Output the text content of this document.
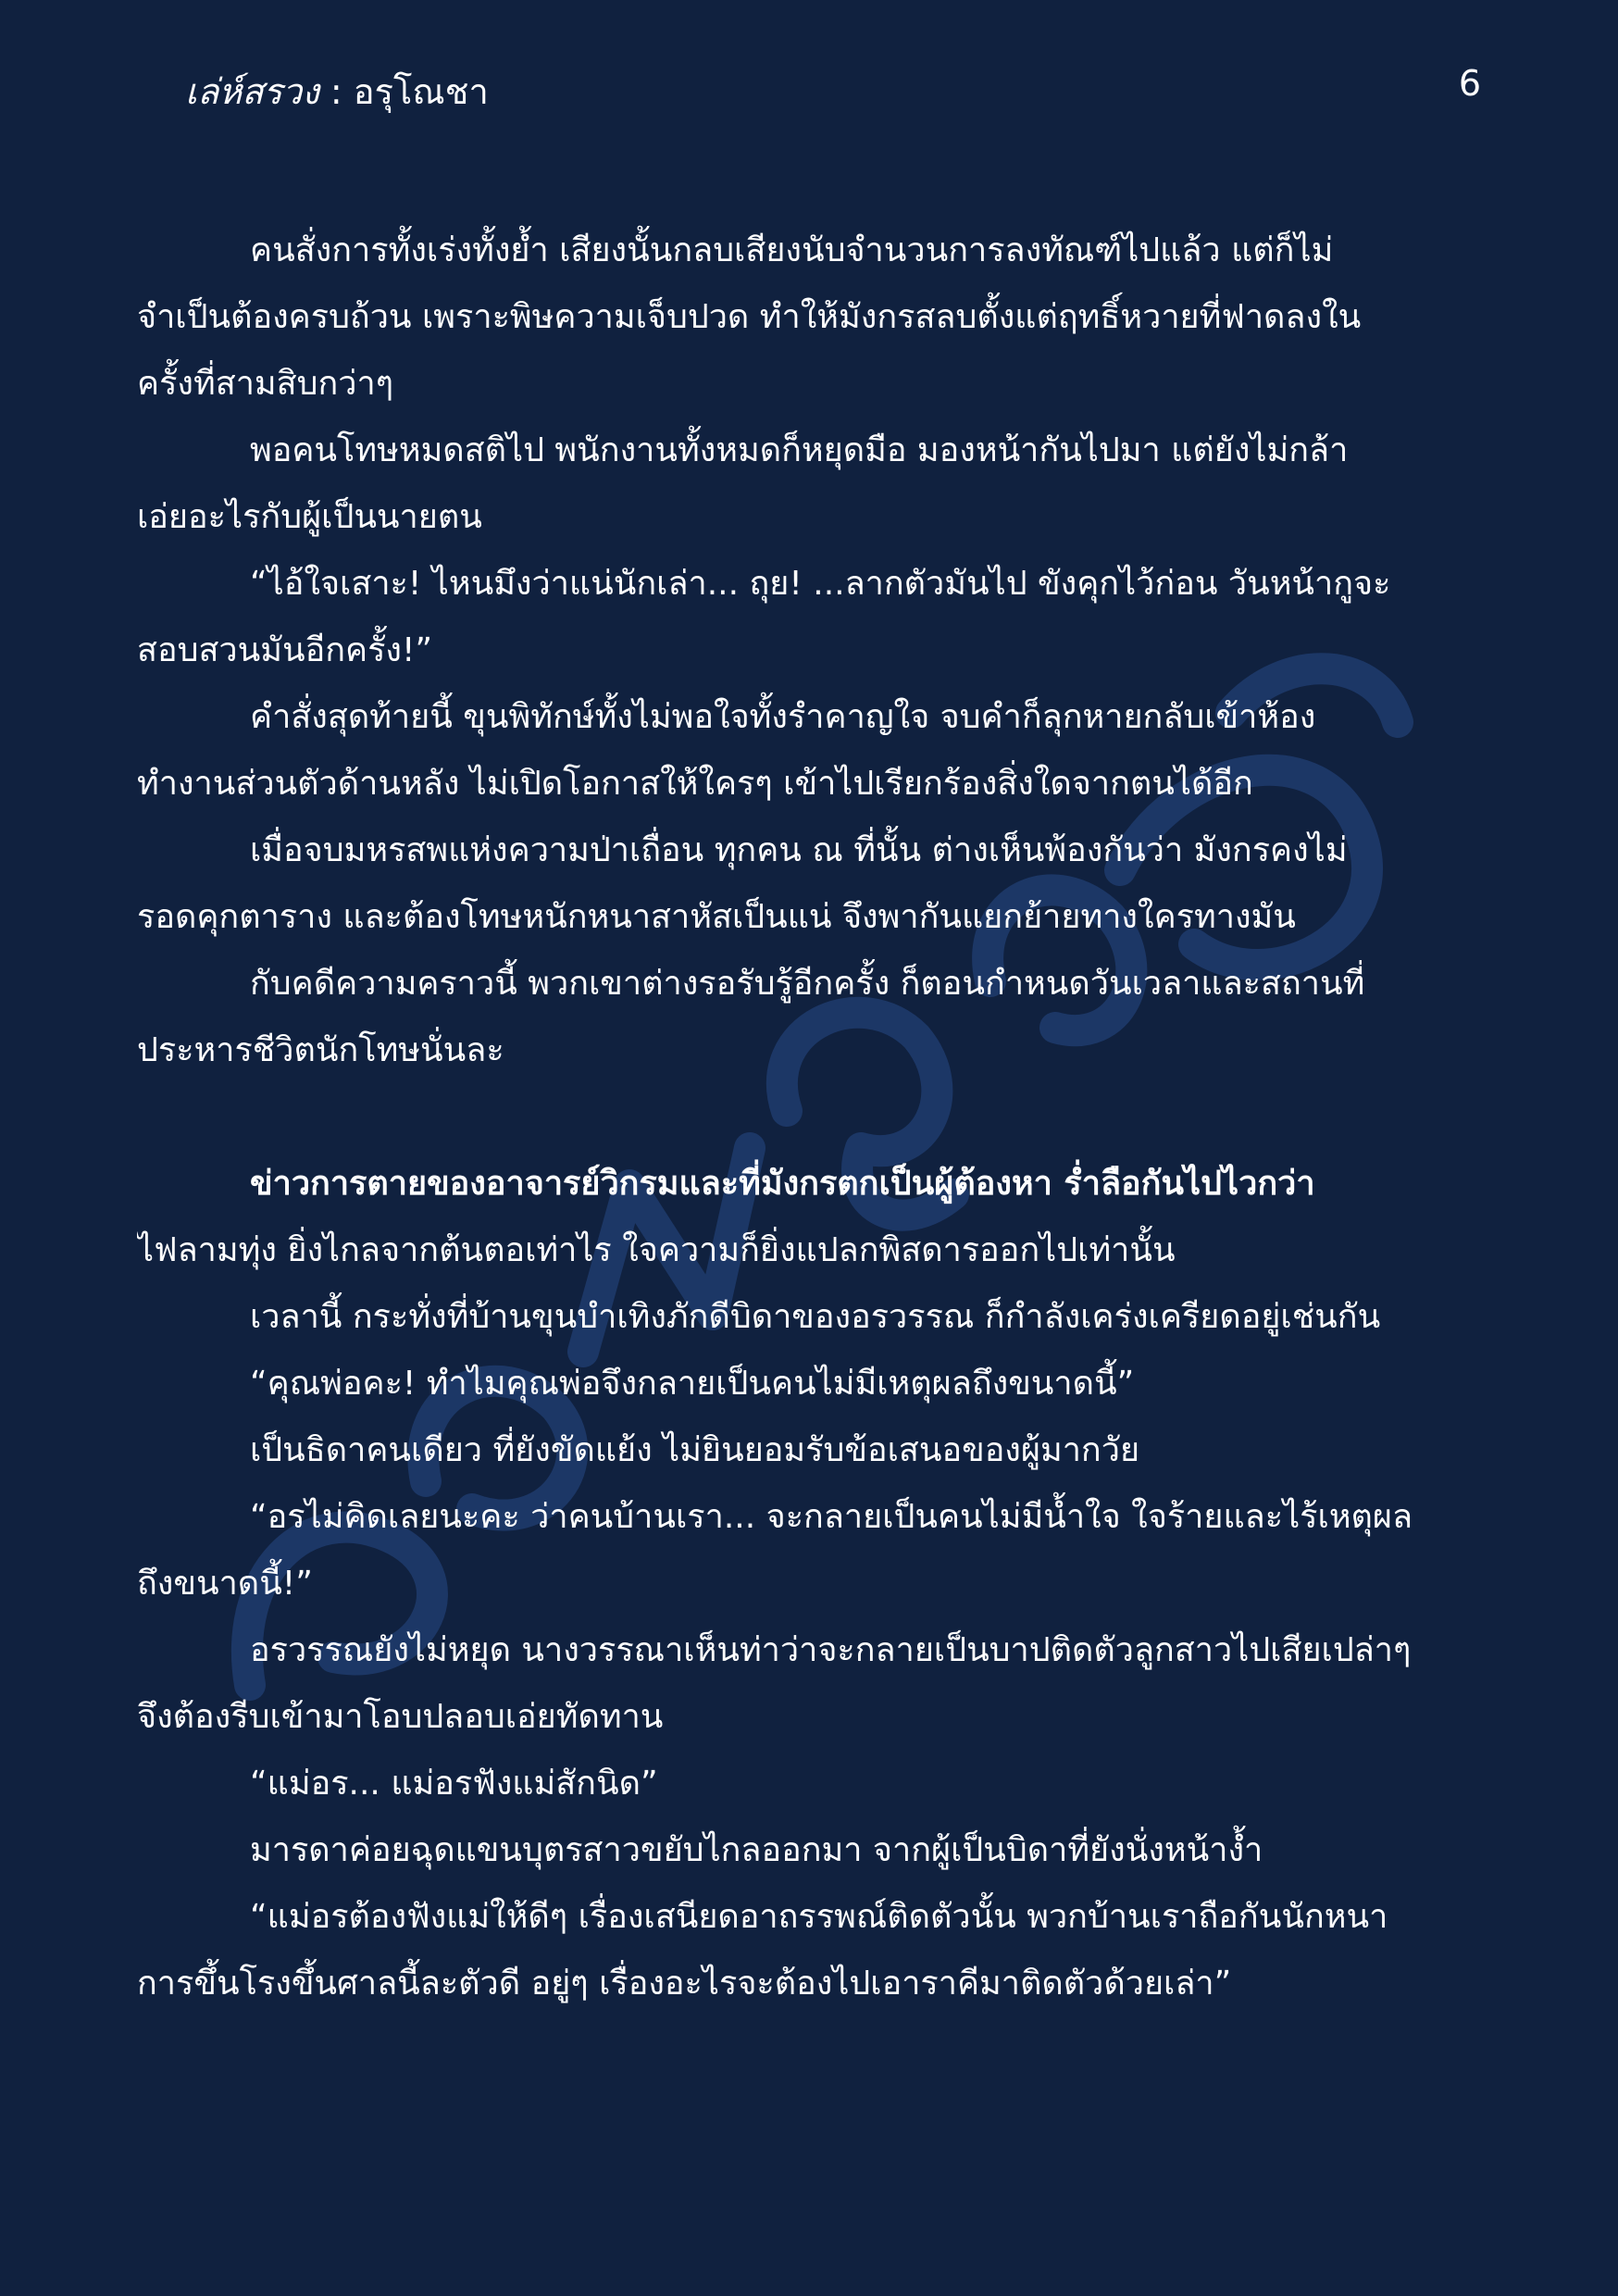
เล่ห์สรวง : อรุโณชา	6
คนสั่งการทั้งเร่งทั้งย้ำ เสียงนั้นกลบเสียงนับจำนวนการลงทัณฑ์ไปแล้ว แต่ก็ไม่
จำเป็นต้องครบถ้วน เพราะพิษความเจ็บปวด ทำให้มังกรสลบตั้งแต่ฤทธิ์หวายที่ฟาดลงใน
ครั้งที่สามสิบกว่าๆ
พอคนโทษหมดสติไป พนักงานทั้งหมดก็หยุดมือ มองหน้ากันไปมา แต่ยังไม่กล้า
เอ่ยอะไรกับผู้เป็นนายตน
“ไอ้ใจเสาะ! ไหนมึงว่าแน่นักเล่า... ถุย! ...ลากตัวมันไป ขังคุกไว้ก่อน วันหน้ากูจะ
สอบสวนมันอีกครั้ง!”
คำสั่งสุดท้ายนี้ ขุนพิทักษ์ทั้งไม่พอใจทั้งรำคาญใจ จบคำก็ลุกหายกลับเข้าห้อง
ทำงานส่วนตัวด้านหลัง ไม่เปิดโอกาสให้ใครๆ เข้าไปเรียกร้องสิ่งใดจากตนได้อีก
เมื่อจบมหรสพแห่งความป่าเถื่อน ทุกคน ณ ที่นั้น ต่างเห็นพ้องกันว่า มังกรคงไม่
รอดคุกตาราง และต้องโทษหนักหนาสาหัสเป็นแน่ จึงพากันแยกย้ายทางใครทางมัน
กับคดีความคราวนี้ พวกเขาต่างรอรับรู้อีกครั้ง ก็ตอนกำหนดวันเวลาและสถานที่
ประหารชีวิตนักโทษนั่นละ
ข่าวการตายของอาจารย์วิกรมและที่มังกรตกเป็นผู้ต้องหา ร่ำลือกันไปไวกว่า
ไฟลามทุ่ง ยิ่งไกลจากต้นตอเท่าไร ใจความก็ยิ่งแปลกพิสดารออกไปเท่านั้น
เวลานี้ กระทั่งที่บ้านขุนบำเทิงภักดีบิดาของอรวรรณ ก็กำลังเคร่งเครียดอยู่เช่นกัน
“คุณพ่อคะ! ทำไมคุณพ่อจึงกลายเป็นคนไม่มีเหตุผลถึงขนาดนี้”
เป็นธิดาคนเดียว ที่ยังขัดแย้ง ไม่ยินยอมรับข้อเสนอของผู้มากวัย
“อรไม่คิดเลยนะคะ ว่าคนบ้านเรา... จะกลายเป็นคนไม่มีน้ำใจ ใจร้ายและไร้เหตุผล
ถึงขนาดนี้!”
อรวรรณยังไม่หยุด นางวรรณาเห็นท่าว่าจะกลายเป็นบาปติดตัวลูกสาวไปเสียเปล่าๆ
จึงต้องรีบเข้ามาโอบปลอบเอ่ยทัดทาน
“แม่อร... แม่อรฟังแม่สักนิด”
มารดาค่อยฉุดแขนบุตรสาวขยับไกลออกมา จากผู้เป็นบิดาที่ยังนั่งหน้างํ้า
“แม่อรต้องฟังแม่ให้ดีๆ เรื่องเสนียดอาถรรพณ์ติดตัวนั้น พวกบ้านเราถือกันนักหนา
การขึ้นโรงขึ้นศาลนี้ละตัวดี อยู่ๆ เรื่องอะไรจะต้องไปเอาราคีมาติดตัวด้วยเล่า”
